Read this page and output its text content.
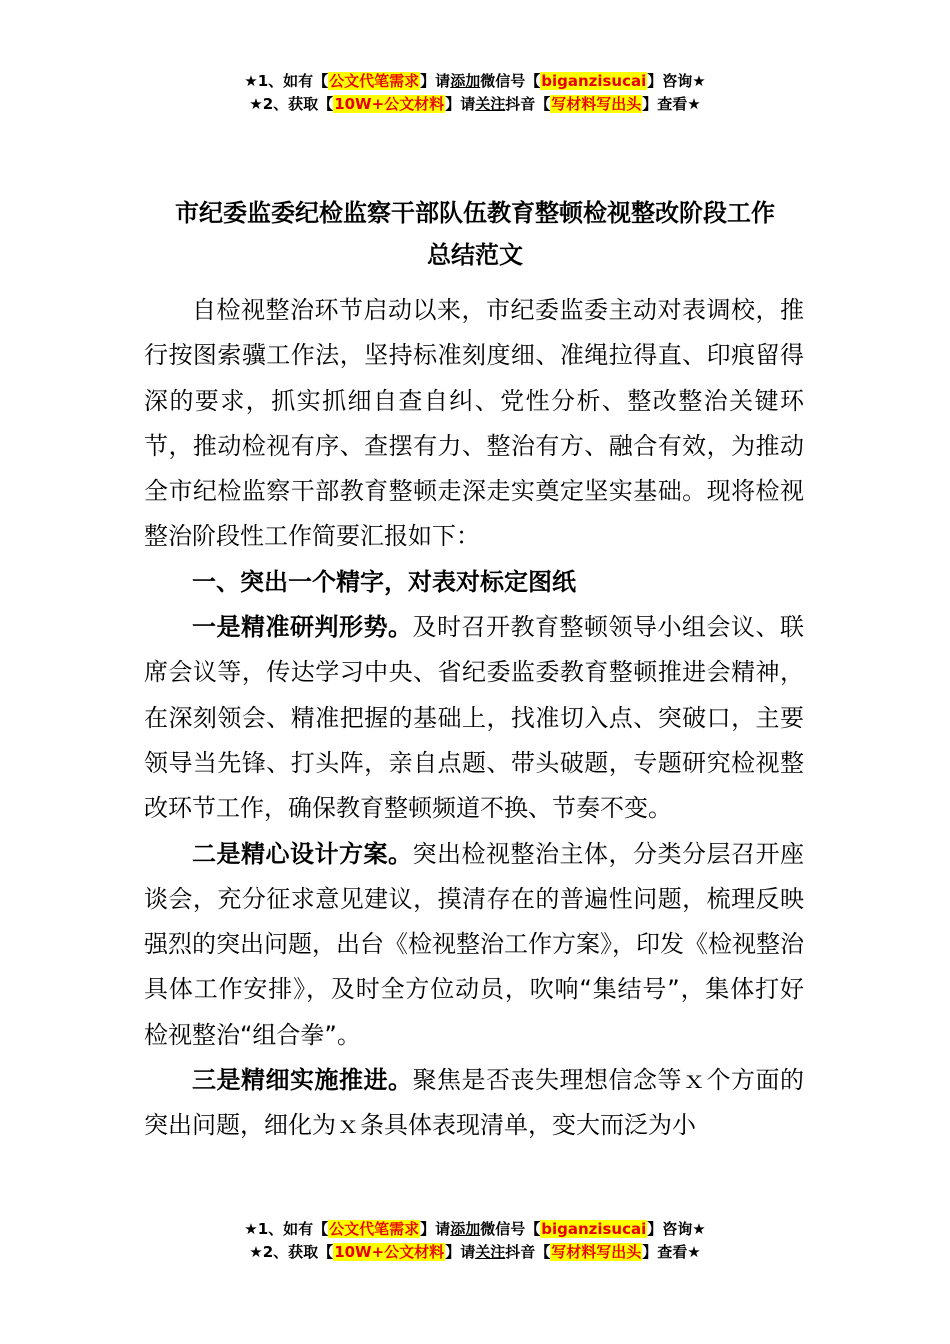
★1、如有【公文代笔需求】请添加微信号【biganzisucai】咨询★
★2、获取【10W+公文材料】请关注抖音【写材料写出头】查看★
市纪委监委纪检监察干部队伍教育整顿检视整改阶段工作
总结范文

自检视整治环节启动以来，市纪委监委主动对表调校，推行按图索骥工作法，坚持标准刻度细、准绳拉得直、印痕留得深的要求，抓实抓细自查自纠、党性分析、整改整治关键环节，推动检视有序、查摆有力、整治有方、融合有效，为推动全市纪检监察干部教育整顿走深走实奠定坚实基础。现将检视整治阶段性工作简要汇报如下：

一、突出一个精字，对表对标定图纸

一是精准研判形势。及时召开教育整顿领导小组会议、联席会议等，传达学习中央、省纪委监委教育整顿推进会精神，在深刻领会、精准把握的基础上，找准切入点、突破口，主要领导当先锋、打头阵，亲自点题、带头破题，专题研究检视整改环节工作，确保教育整顿频道不换、节奏不变。

二是精心设计方案。突出检视整治主体，分类分层召开座谈会，充分征求意见建议，摸清存在的普遍性问题，梳理反映强烈的突出问题，出台《检视整治工作方案》，印发《检视整治具体工作安排》，及时全方位动员，吹响“集结号”，集体打好检视整治“组合拳”。

三是精细实施推进。聚焦是否丧失理想信念等ｘ个方面的突出问题，细化为ｘ条具体表现清单，变大而泛为小

★1、如有【公文代笔需求】请添加微信号【biganzisucai】咨询★
★2、获取【10W+公文材料】请关注抖音【写材料写出头】查看★
